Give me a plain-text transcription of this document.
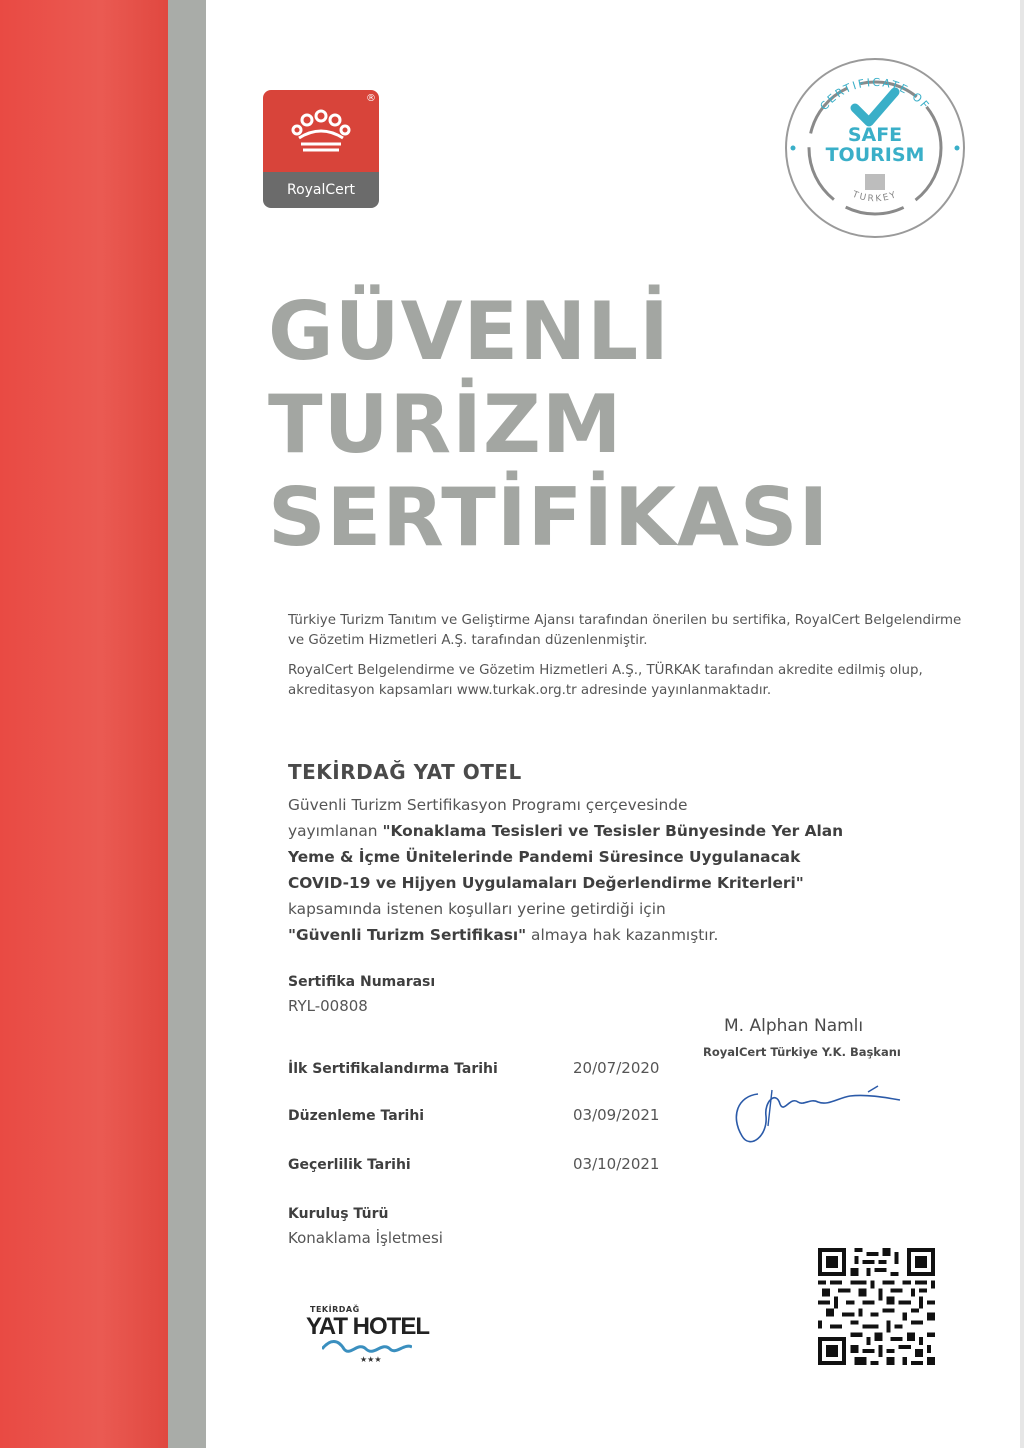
®
RoyalCert
CERTIFICATE OF
TURKEY
SAFE
TOURISM
GÜVENLİ
TURİZM
SERTİFİKASI

Türkiye Turizm Tanıtım ve Geliştirme Ajansı tarafından önerilen bu sertifika, RoyalCert Belgelendirme ve Gözetim Hizmetleri A.Ş. tarafından düzenlenmiştir.

RoyalCert Belgelendirme ve Gözetim Hizmetleri A.Ş., TÜRKAK tarafından akredite edilmiş olup, akreditasyon kapsamları www.turkak.org.tr adresinde yayınlanmaktadır.

TEKİRDAĞ YAT OTEL
Güvenli Turizm Sertifikasyon Programı çerçevesinde
yayımlanan "Konaklama Tesisleri ve Tesisler Bünyesinde Yer Alan
Yeme & İçme Ünitelerinde Pandemi Süresince Uygulanacak
COVID-19 ve Hijyen Uygulamaları Değerlendirme Kriterleri"
kapsamında istenen koşulları yerine getirdiği için
"Güvenli Turizm Sertifikası" almaya hak kazanmıştır.
Sertifika Numarası
RYL-00808
İlk Sertifikalandırma Tarihi	20/07/2020
Düzenleme Tarihi	03/09/2021
Geçerlilik Tarihi	03/10/2021
Kuruluş Türü
Konaklama İşletmesi
M. Alphan Namlı
RoyalCert Türkiye Y.K. Başkanı
TEKİRDAĞ
YAT HOTEL
★★★
